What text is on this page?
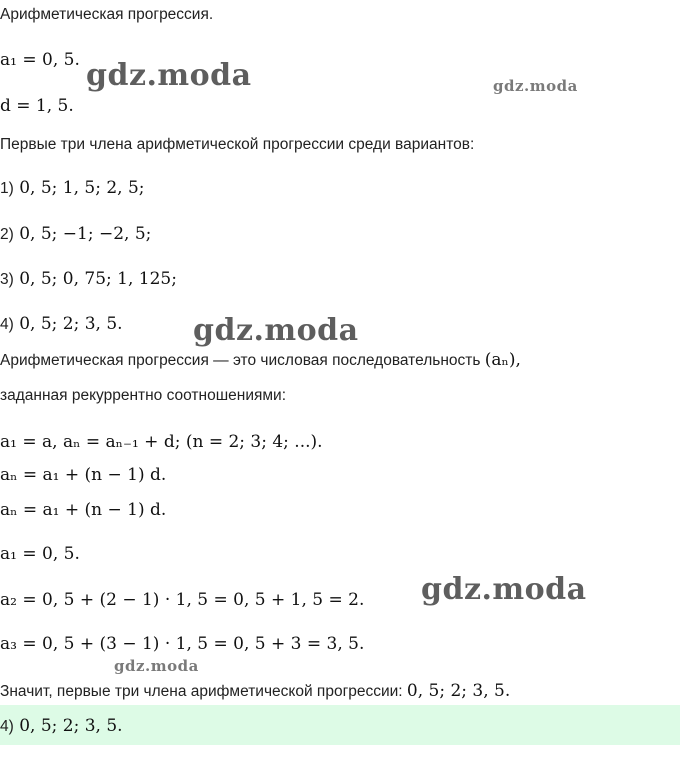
Арифметическая прогрессия.
a₁ = 0, 5.
d = 1, 5.
Первые три члена арифметической прогрессии среди вариантов:
1) 0, 5; 1, 5; 2, 5;
2) 0, 5; −1; −2, 5;
3) 0, 5; 0, 75; 1, 125;
4) 0, 5; 2; 3, 5.
Арифметическая прогрессия — это числовая последовательность (aₙ),
заданная рекуррентно соотношениями:
a₁ = a, aₙ = aₙ₋₁ + d; (n = 2; 3; 4; ...).
aₙ = a₁ + (n − 1) d.
aₙ = a₁ + (n − 1) d.
a₁ = 0, 5.
a₂ = 0, 5 + (2 − 1) · 1, 5 = 0, 5 + 1, 5 = 2.
a₃ = 0, 5 + (3 − 1) · 1, 5 = 0, 5 + 3 = 3, 5.
Значит, первые три члена арифметической прогрессии: 0, 5; 2; 3, 5.
4) 0, 5; 2; 3, 5.
gdz.moda	gdz.moda
gdz.moda
gdz.moda
gdz.moda
